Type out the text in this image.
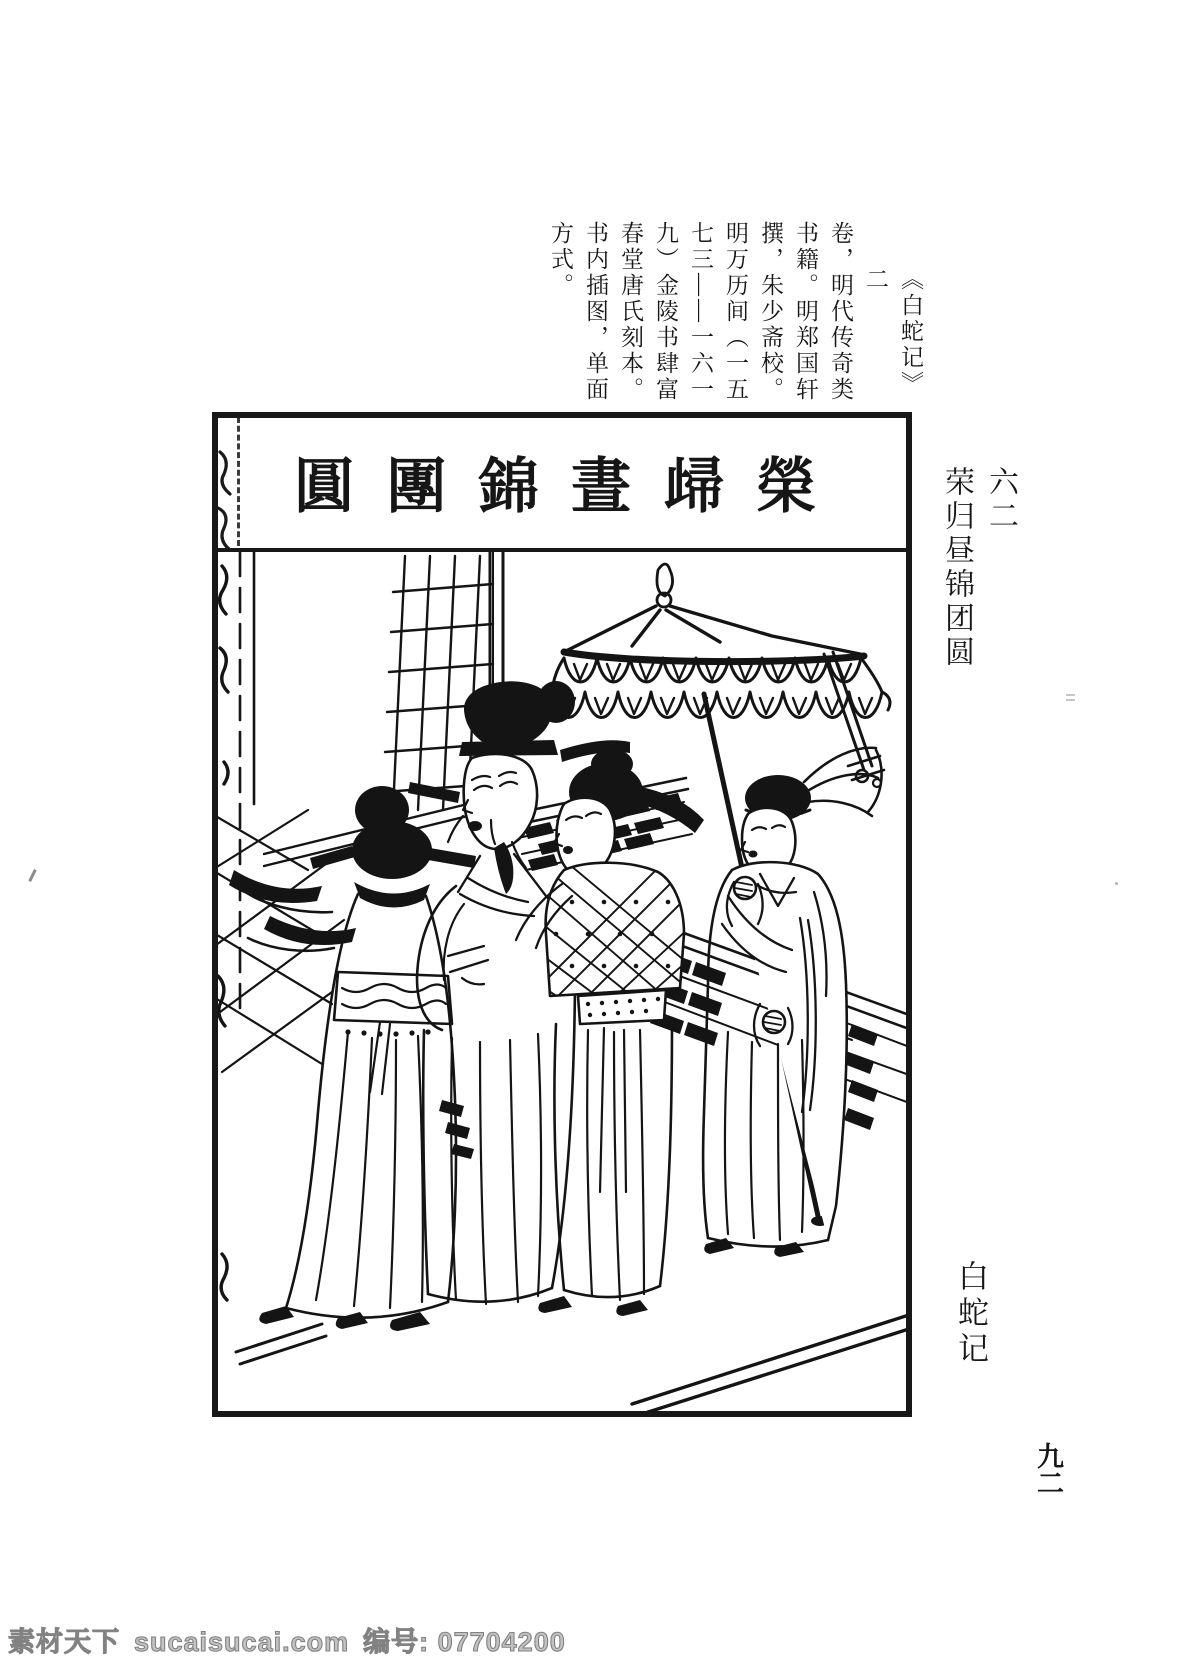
《白蛇记》二
卷，明代传奇类
书籍。明郑国轩
撰，朱少斋校。
明万历间（一五
七三——一六一
九）金陵书肆富
春堂唐氏刻本。
书内插图，单面
方式。
圓 團 錦 晝 㱕 榮	六二
荣归昼锦团圆
白蛇记
九二
素材天下 sucaisucai.com 编号: 07704200
